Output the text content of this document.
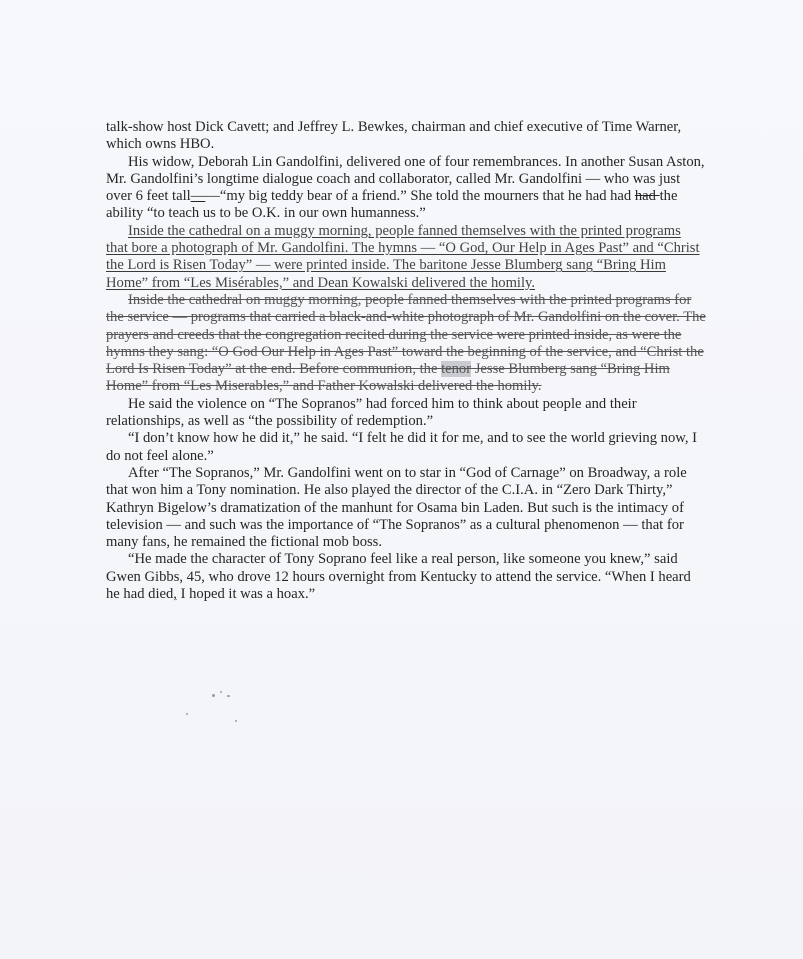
talk-show host Dick Cavett; and Jeffrey L. Bewkes, chairman and chief executive of Time Warner, which owns HBO.

His widow, Deborah Lin Gandolfini, delivered one of four remembrances. In another Susan Aston, Mr. Gandolfini’s longtime dialogue coach and collaborator, called Mr. Gandolfini — who was just over 6 feet tall——“my big teddy bear of a friend.” She told the mourners that he had had had the ability “to teach us to be O.K. in our own humanness.”

Inside the cathedral on a muggy morning, people fanned themselves with the printed programs that bore a photograph of Mr. Gandolfini. The hymns — “O God, Our Help in Ages Past” and “Christ the Lord is Risen Today” — were printed inside. The baritone Jesse Blumberg sang “Bring Him Home” from “Les Misérables,” and Dean Kowalski delivered the homily.

Inside the cathedral on muggy morning, people fanned themselves with the printed programs for the service — programs that carried a black-and-white photograph of Mr. Gandolfini on the cover. The prayers and creeds that the congregation recited during the service were printed inside, as were the hymns they sang: “O God Our Help in Ages Past” toward the beginning of the service, and “Christ the Lord Is Risen Today” at the end. Before communion, the tenor Jesse Blumberg sang “Bring Him Home” from “Les Miserables,” and Father Kowalski delivered the homily.

He said the violence on “The Sopranos” had forced him to think about people and their relationships, as well as “the possibility of redemption.”

“I don’t know how he did it,” he said. “I felt he did it for me, and to see the world grieving now, I do not feel alone.”

After “The Sopranos,” Mr. Gandolfini went on to star in “God of Carnage” on Broadway, a role that won him a Tony nomination. He also played the director of the C.I.A. in “Zero Dark Thirty,” Kathryn Bigelow’s dramatization of the manhunt for Osama bin Laden. But such is the intimacy of television — and such was the importance of “The Sopranos” as a cultural phenomenon — that for many fans, he remained the fictional mob boss.

“He made the character of Tony Soprano feel like a real person, like someone you knew,” said Gwen Gibbs, 45, who drove 12 hours overnight from Kentucky to attend the service. “When I heard he had died, I hoped it was a hoax.”
